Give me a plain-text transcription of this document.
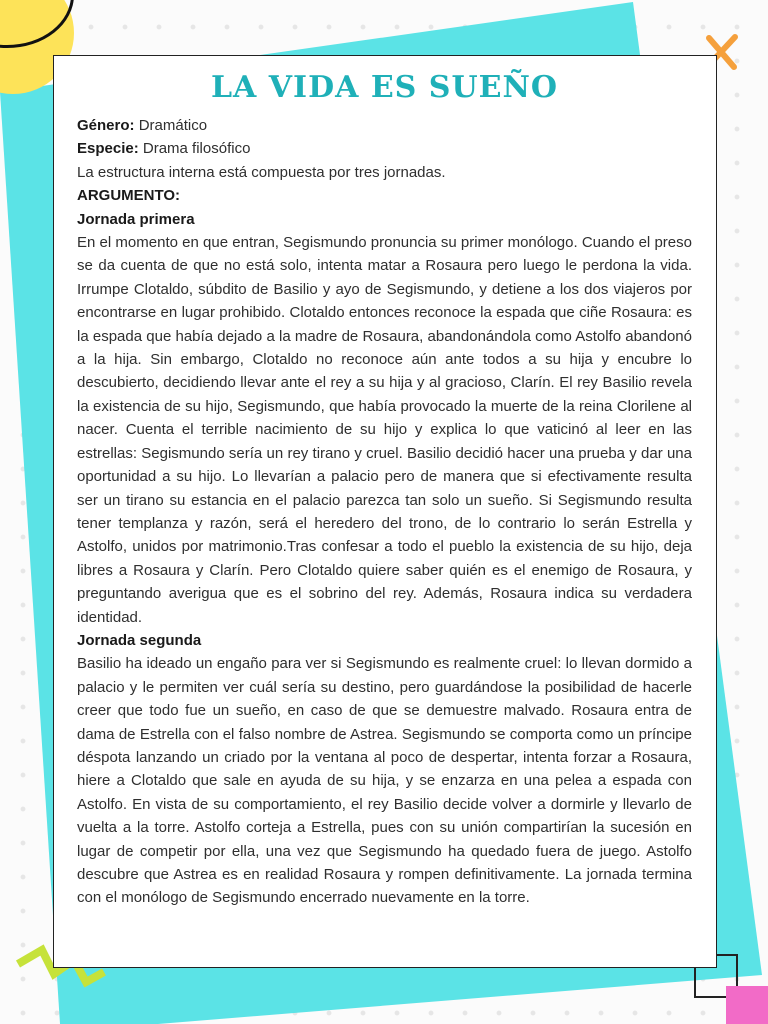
LA VIDA ES SUEÑO

Género: Dramático

Especie: Drama filosófico

La estructura interna está compuesta por tres jornadas.

ARGUMENTO:

Jornada primera

En el momento en que entran, Segismundo pronuncia su primer monólogo. Cuando el preso se da cuenta de que no está solo, intenta matar a Rosaura pero luego le perdona la vida. Irrumpe Clotaldo, súbdito de Basilio y ayo de Segismundo, y detiene a los dos viajeros por encontrarse en lugar prohibido. Clotaldo entonces reconoce la espada que ciñe Rosaura: es la espada que había dejado a la madre de Rosaura, abandonándola como Astolfo abandonó a la hija. Sin embargo, Clotaldo no reconoce aún ante todos a su hija y encubre lo descubierto, decidiendo llevar ante el rey a su hija y al gracioso, Clarín. El rey Basilio revela la existencia de su hijo, Segismundo, que había provocado la muerte de la reina Clorilene al nacer. Cuenta el terrible nacimiento de su hijo y explica lo que vaticinó al leer en las estrellas: Segismundo sería un rey tirano y cruel. Basilio decidió hacer una prueba y dar una oportunidad a su hijo. Lo llevarían a palacio pero de manera que si efectivamente resulta ser un tirano su estancia en el palacio parezca tan solo un sueño. Si Segismundo resulta tener templanza y razón, será el heredero del trono, de lo contrario lo serán Estrella y Astolfo, unidos por matrimonio.Tras confesar a todo el pueblo la existencia de su hijo, deja libres a Rosaura y Clarín. Pero Clotaldo quiere saber quién es el enemigo de Rosaura, y preguntando averigua que es el sobrino del rey. Además, Rosaura indica su verdadera identidad.

Jornada segunda

Basilio ha ideado un engaño para ver si Segismundo es realmente cruel: lo llevan dormido a palacio y le permiten ver cuál sería su destino, pero guardándose la posibilidad de hacerle creer que todo fue un sueño, en caso de que se demuestre malvado. Rosaura entra de dama de Estrella con el falso nombre de Astrea. Segismundo se comporta como un príncipe déspota lanzando un criado por la ventana al poco de despertar, intenta forzar a Rosaura, hiere a Clotaldo que sale en ayuda de su hija, y se enzarza en una pelea a espada con Astolfo. En vista de su comportamiento, el rey Basilio decide volver a dormirle y llevarlo de vuelta a la torre. Astolfo corteja a Estrella, pues con su unión compartirían la sucesión en lugar de competir por ella, una vez que Segismundo ha quedado fuera de juego. Astolfo descubre que Astrea es en realidad Rosaura y rompen definitivamente. La jornada termina con el monólogo de Segismundo encerrado nuevamente en la torre.
